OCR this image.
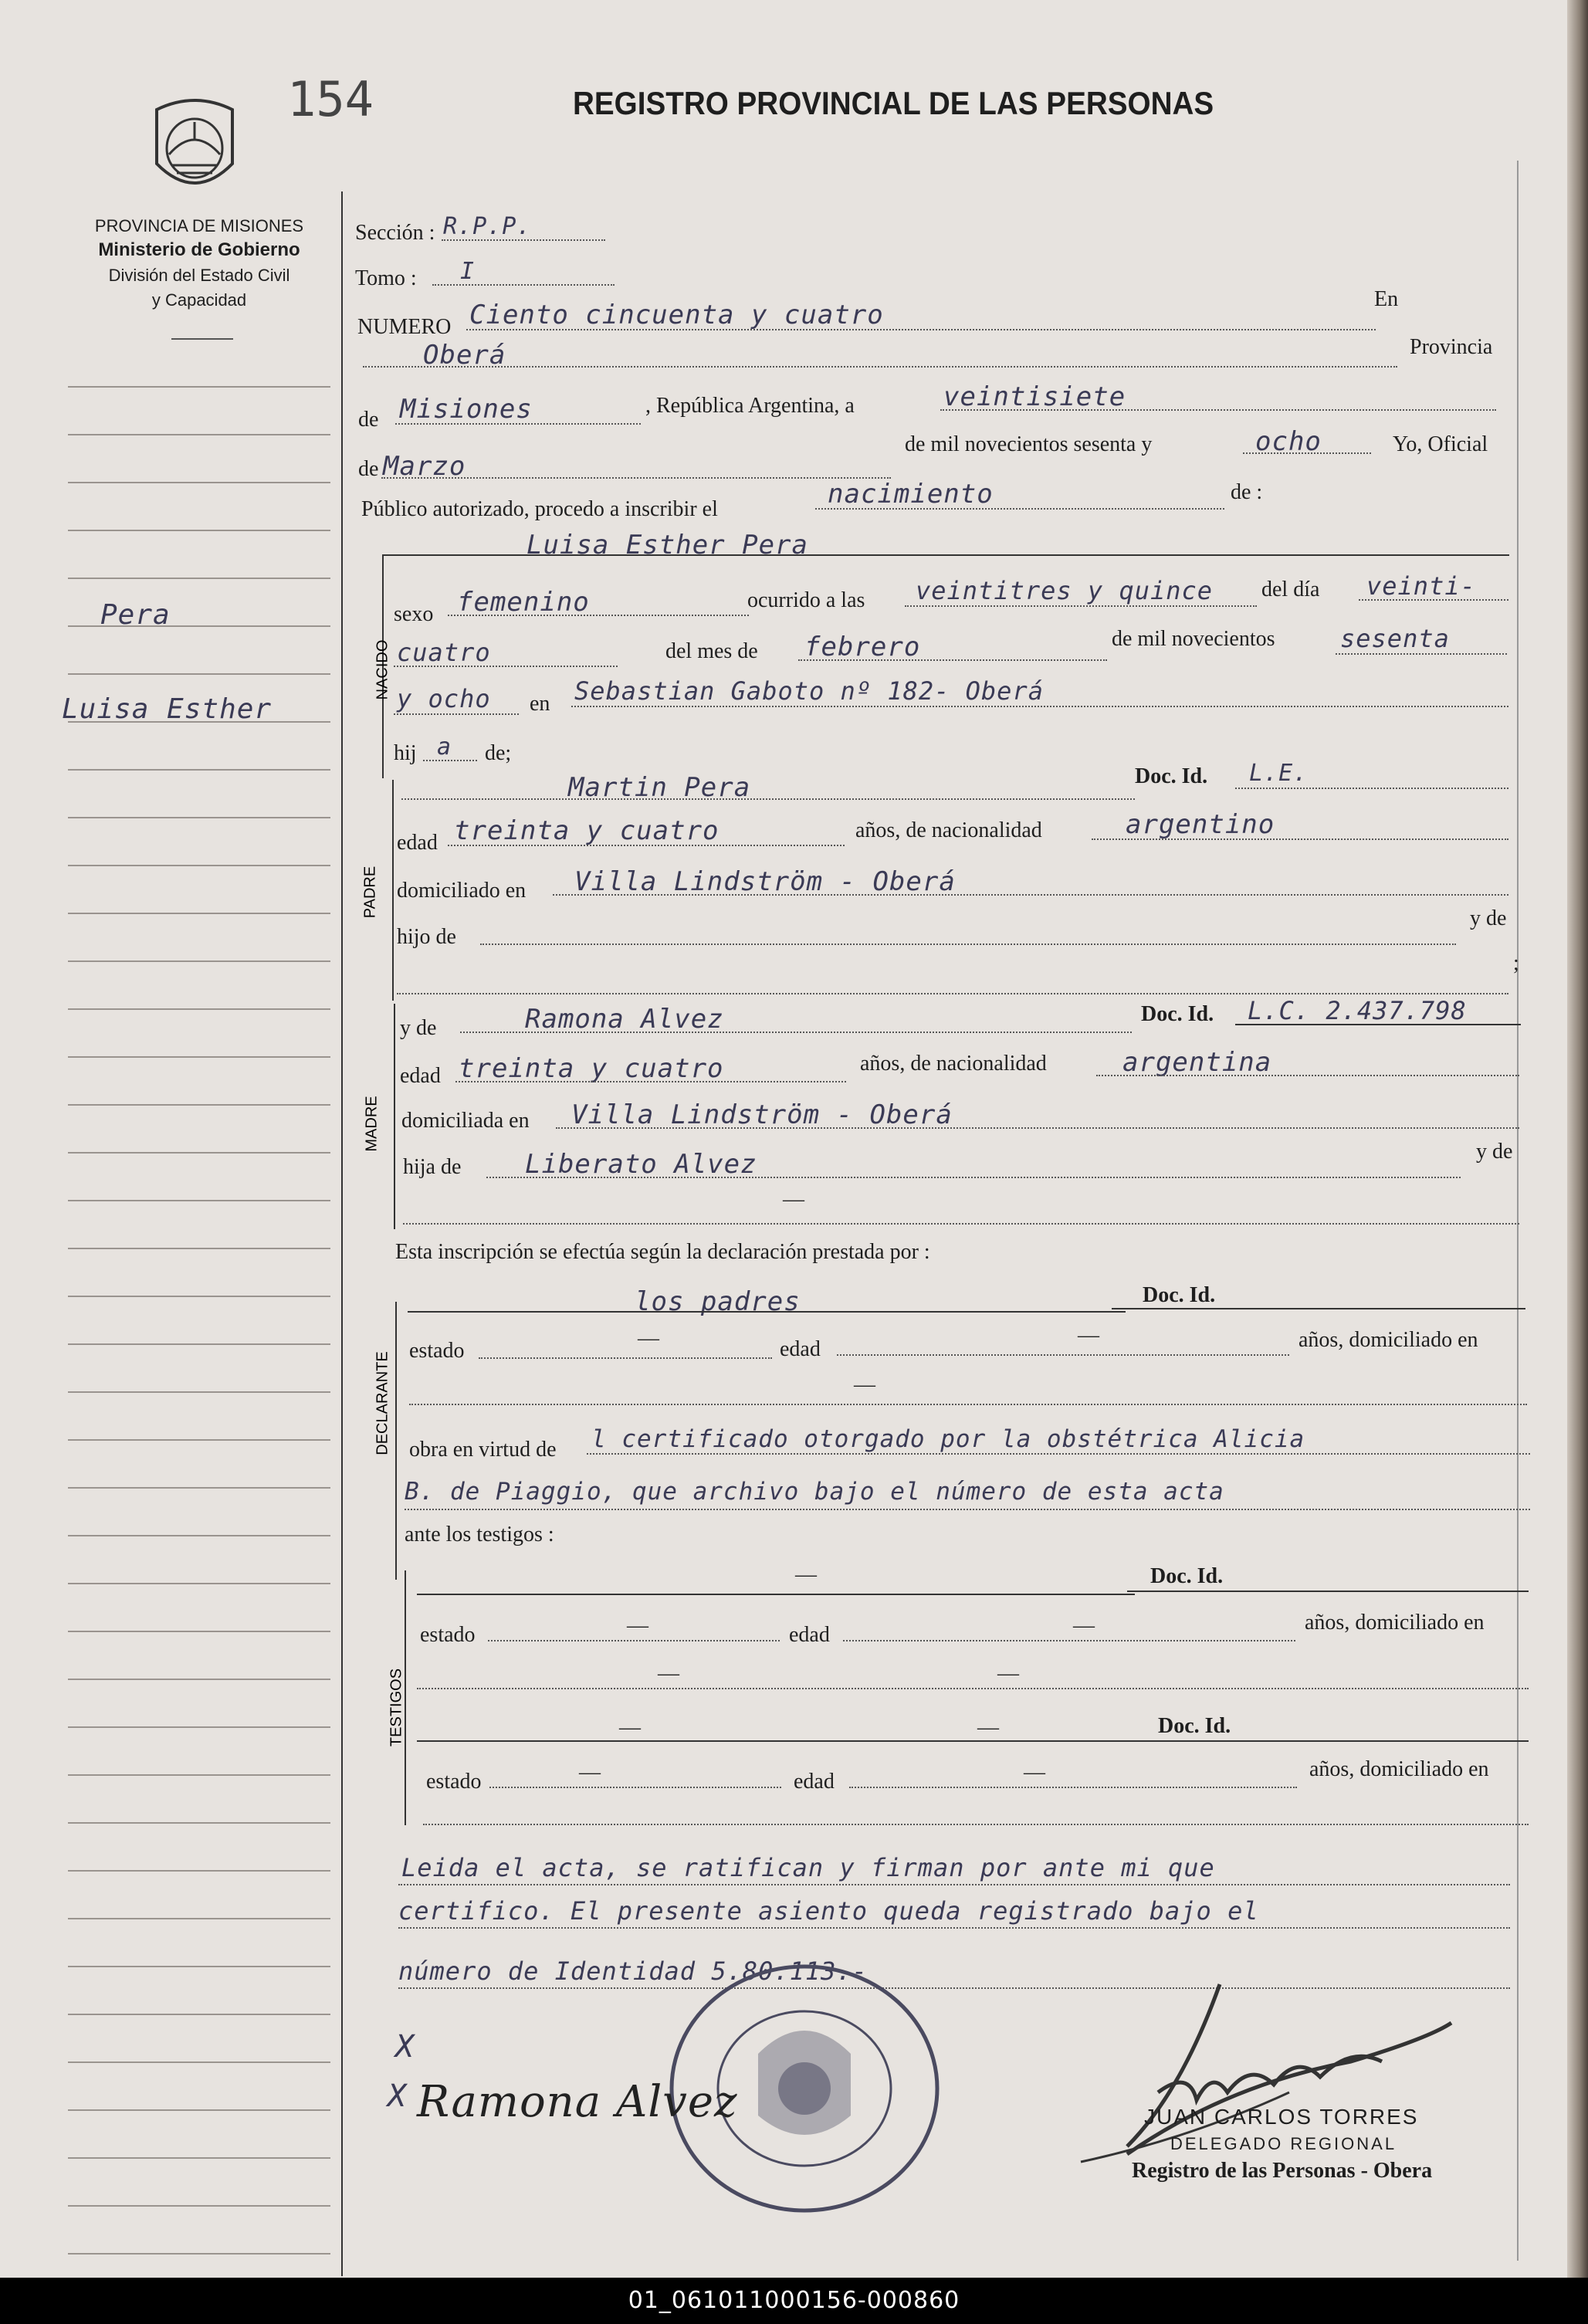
154	REGISTRO PROVINCIAL DE LAS PERSONAS
PROVINCIA DE MISIONES
Ministerio de Gobierno
División del Estado Civil
y Capacidad
Pera
Luisa Esther
Sección : R.P.P.
Tomo : I
NUMERO Ciento cincuenta y cuatro
En
Oberá	Provincia
de Misiones	, República Argentina, a	veintisiete
de mil novecientos sesenta y	ocho	Yo, Oficial
de Marzo
Público autorizado, procedo a inscribir el	nacimiento	de :
NACIDO
Luisa Esther Pera
sexo femenino	ocurrido a las veintitres y quince del día veinti-
cuatro	del mes de febrero	de mil novecientos	sesenta
y ocho en Sebastian Gaboto nº 182- Oberá
hij a de;
PADRE
Martin Pera	Doc. Id. L.E.
edad treinta y cuatro	años, de nacionalidad	argentino
domiciliado en Villa Lindström - Oberá
hijo de
y de
;
MADRE
y de	Ramona Alvez	Doc. Id. L.C. 2.437.798
edad treinta y cuatro	años, de nacionalidad	argentina
domiciliada en Villa Lindström - Oberá
hija de Liberato Alvez	y de
—
Esta inscripción se efectúa según la declaración prestada por :
DECLARANTE
los padres	Doc. Id.
estado
—	edad
—	años, domiciliado en
—
obra en virtud de l certificado otorgado por la obstétrica Alicia
B. de Piaggio, que archivo bajo el número de esta acta
ante los testigos :
TESTIGOS
—	Doc. Id.
estado	—	edad	—	años, domiciliado en
—	—
—	—	Doc. Id.
estado	—	edad	—	años, domiciliado en
Leida el acta, se ratifican y firman por ante mi que
certifico. El presente asiento queda registrado bajo el
número de Identidad 5.80.113.-
X
X Ramona Alvez	JUAN CARLOS TORRES
DELEGADO REGIONAL
Registro de las Personas - Obera
01_061011000156-000860
